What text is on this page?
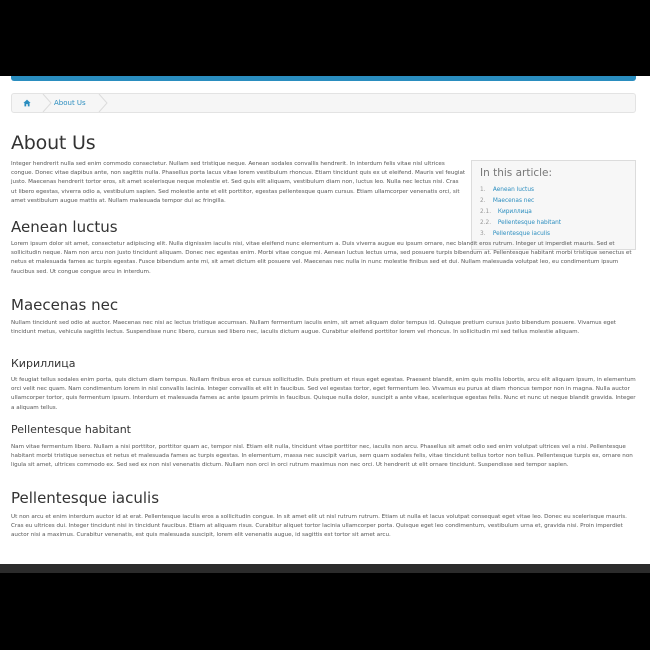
About Us
About Us

Integer hendrerit nulla sed enim commodo consectetur. Nullam sed tristique neque. Aenean sodales convallis hendrerit. In interdum felis vitae nisl ultrices congue. Donec vitae dapibus ante, non sagittis nulla. Phasellus porta lacus vitae lorem vestibulum rhoncus. Etiam tincidunt quis ex ut eleifend. Mauris vel feugiat justo. Maecenas hendrerit tortor eros, sit amet scelerisque neque molestie et. Sed quis elit aliquam, vestibulum diam non, luctus leo. Nulla nec lectus nisi. Cras ut libero egestas, viverra odio a, vestibulum sapien. Sed molestie ante et elit porttitor, egestas pellentesque quam cursus. Etiam ullamcorper venenatis orci, sit amet vestibulum augue mattis at. Nullam malesuada tempor dui ac fringilla.

In this article:
1. Aenean luctus
2. Maecenas nec
2.1. Кириллица
2.2. Pellentesque habitant
3. Pellentesque iaculis
Aenean luctus

Lorem ipsum dolor sit amet, consectetur adipiscing elit. Nulla dignissim iaculis nisi, vitae eleifend nunc elementum a. Duis viverra augue eu ipsum ornare, nec blandit eros rutrum. Integer ut imperdiet mauris. Sed et sollicitudin neque. Nam non arcu non justo tincidunt aliquam. Donec nec egestas enim. Morbi vitae congue mi. Aenean luctus lectus urna, sed posuere turpis bibendum at. Pellentesque habitant morbi tristique senectus et netus et malesuada fames ac turpis egestas. Fusce bibendum ante mi, sit amet dictum elit posuere vel. Maecenas nec nulla in nunc molestie finibus sed et dui. Nullam malesuada volutpat leo, eu condimentum ipsum faucibus sed. Ut congue congue arcu in interdum.

Maecenas nec

Nullam tincidunt sed odio at auctor. Maecenas nec nisi ac lectus tristique accumsan. Nullam fermentum iaculis enim, sit amet aliquam dolor tempus id. Quisque pretium cursus justo bibendum posuere. Vivamus eget tincidunt metus, vehicula sagittis lectus. Suspendisse nunc libero, cursus sed libero nec, iaculis dictum augue. Curabitur eleifend porttitor lorem vel rhoncus. In sollicitudin mi sed tellus molestie aliquam.

Кириллица

Ut feugiat tellus sodales enim porta, quis dictum diam tempus. Nullam finibus eros et cursus sollicitudin. Duis pretium et risus eget egestas. Praesent blandit, enim quis mollis lobortis, arcu elit aliquam ipsum, in elementum orci velit nec quam. Nam condimentum lorem in nisl convallis lacinia. Integer convallis et elit in faucibus. Sed vel egestas tortor, eget fermentum leo. Vivamus eu purus at diam rhoncus tempor non in magna. Nulla auctor ullamcorper tortor, quis fermentum ipsum. Interdum et malesuada fames ac ante ipsum primis in faucibus. Quisque nulla dolor, suscipit a ante vitae, scelerisque egestas felis. Nunc et nunc ut neque blandit gravida. Integer a aliquam tellus.

Pellentesque habitant

Nam vitae fermentum libero. Nullam a nisi porttitor, porttitor quam ac, tempor nisl. Etiam elit nulla, tincidunt vitae porttitor nec, iaculis non arcu. Phasellus sit amet odio sed enim volutpat ultrices vel a nisi. Pellentesque habitant morbi tristique senectus et netus et malesuada fames ac turpis egestas. In elementum, massa nec suscipit varius, sem quam sodales felis, vitae tincidunt tellus tortor non tellus. Pellentesque turpis ex, ornare non ligula sit amet, ultrices commodo ex. Sed sed ex non nisl venenatis dictum. Nullam non orci in orci rutrum maximus non nec orci. Ut hendrerit ut elit ornare tincidunt. Suspendisse sed tempor sapien.

Pellentesque iaculis

Ut non arcu et enim interdum auctor id at erat. Pellentesque iaculis eros a sollicitudin congue. In sit amet elit ut nisl rutrum rutrum. Etiam ut nulla et lacus volutpat consequat eget vitae leo. Donec eu scelerisque mauris. Cras eu ultrices dui. Integer tincidunt nisi in tincidunt faucibus. Etiam at aliquam risus. Curabitur aliquet tortor lacinia ullamcorper porta. Quisque eget leo condimentum, vestibulum urna et, gravida nisi. Proin imperdiet auctor nisi a maximus. Curabitur venenatis, est quis malesuada suscipit, lorem elit venenatis augue, id sagittis est tortor sit amet arcu.
